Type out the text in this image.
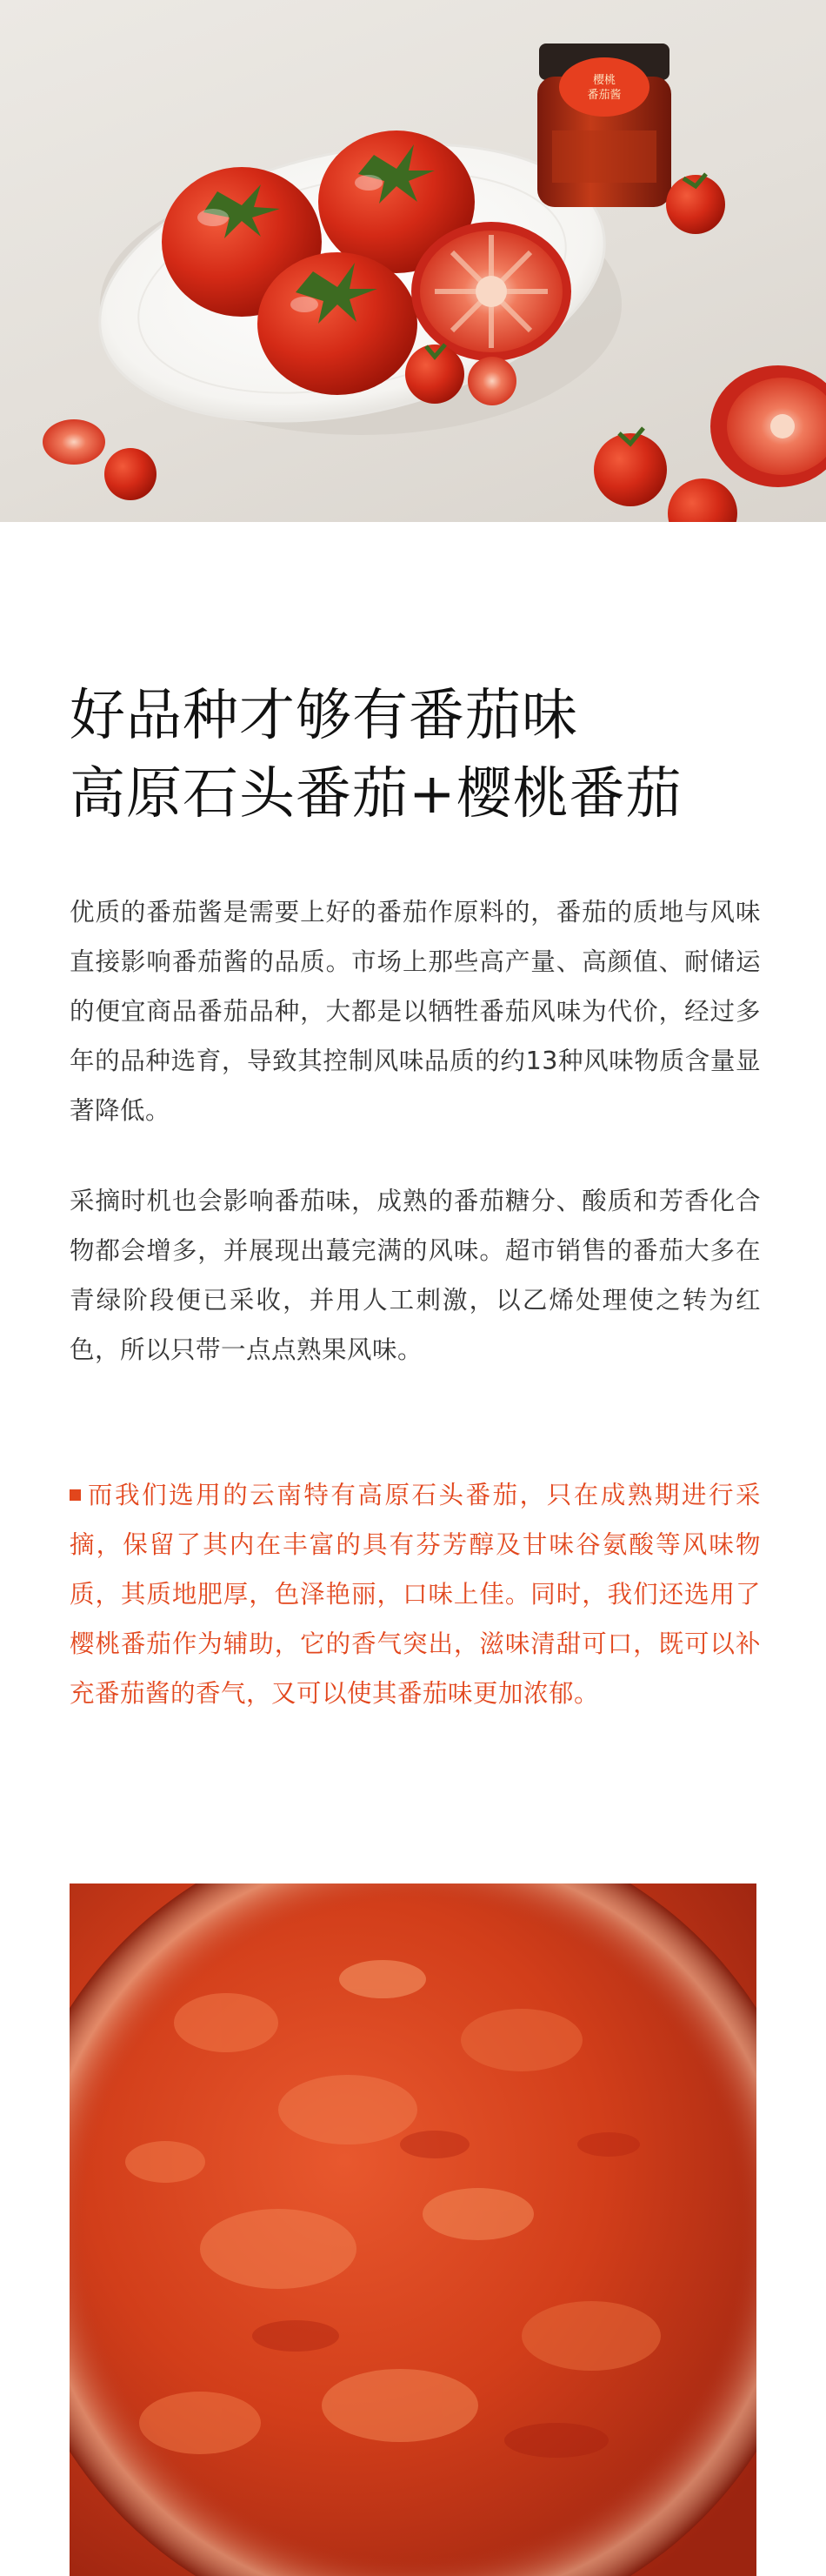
樱桃
番茄酱
好品种才够有番茄味
高原石头番茄+樱桃番茄

优质的番茄酱是需要上好的番茄作原料的，番茄的质地与风味直接影响番茄酱的品质。市场上那些高产量、高颜值、耐储运的便宜商品番茄品种，大都是以牺牲番茄风味为代价，经过多年的品种选育，导致其控制风味品质的约13种风味物质含量显著降低。

采摘时机也会影响番茄味，成熟的番茄糖分、酸质和芳香化合物都会增多，并展现出蕞完满的风味。超市销售的番茄大多在青绿阶段便已采收，并用人工刺激，以乙烯处理使之转为红色，所以只带一点点熟果风味。

而我们选用的云南特有高原石头番茄，只在成熟期进行采摘，保留了其内在丰富的具有芬芳醇及甘味谷氨酸等风味物质，其质地肥厚，色泽艳丽，口味上佳。同时，我们还选用了樱桃番茄作为辅助，它的香气突出，滋味清甜可口，既可以补充番茄酱的香气，又可以使其番茄味更加浓郁。
